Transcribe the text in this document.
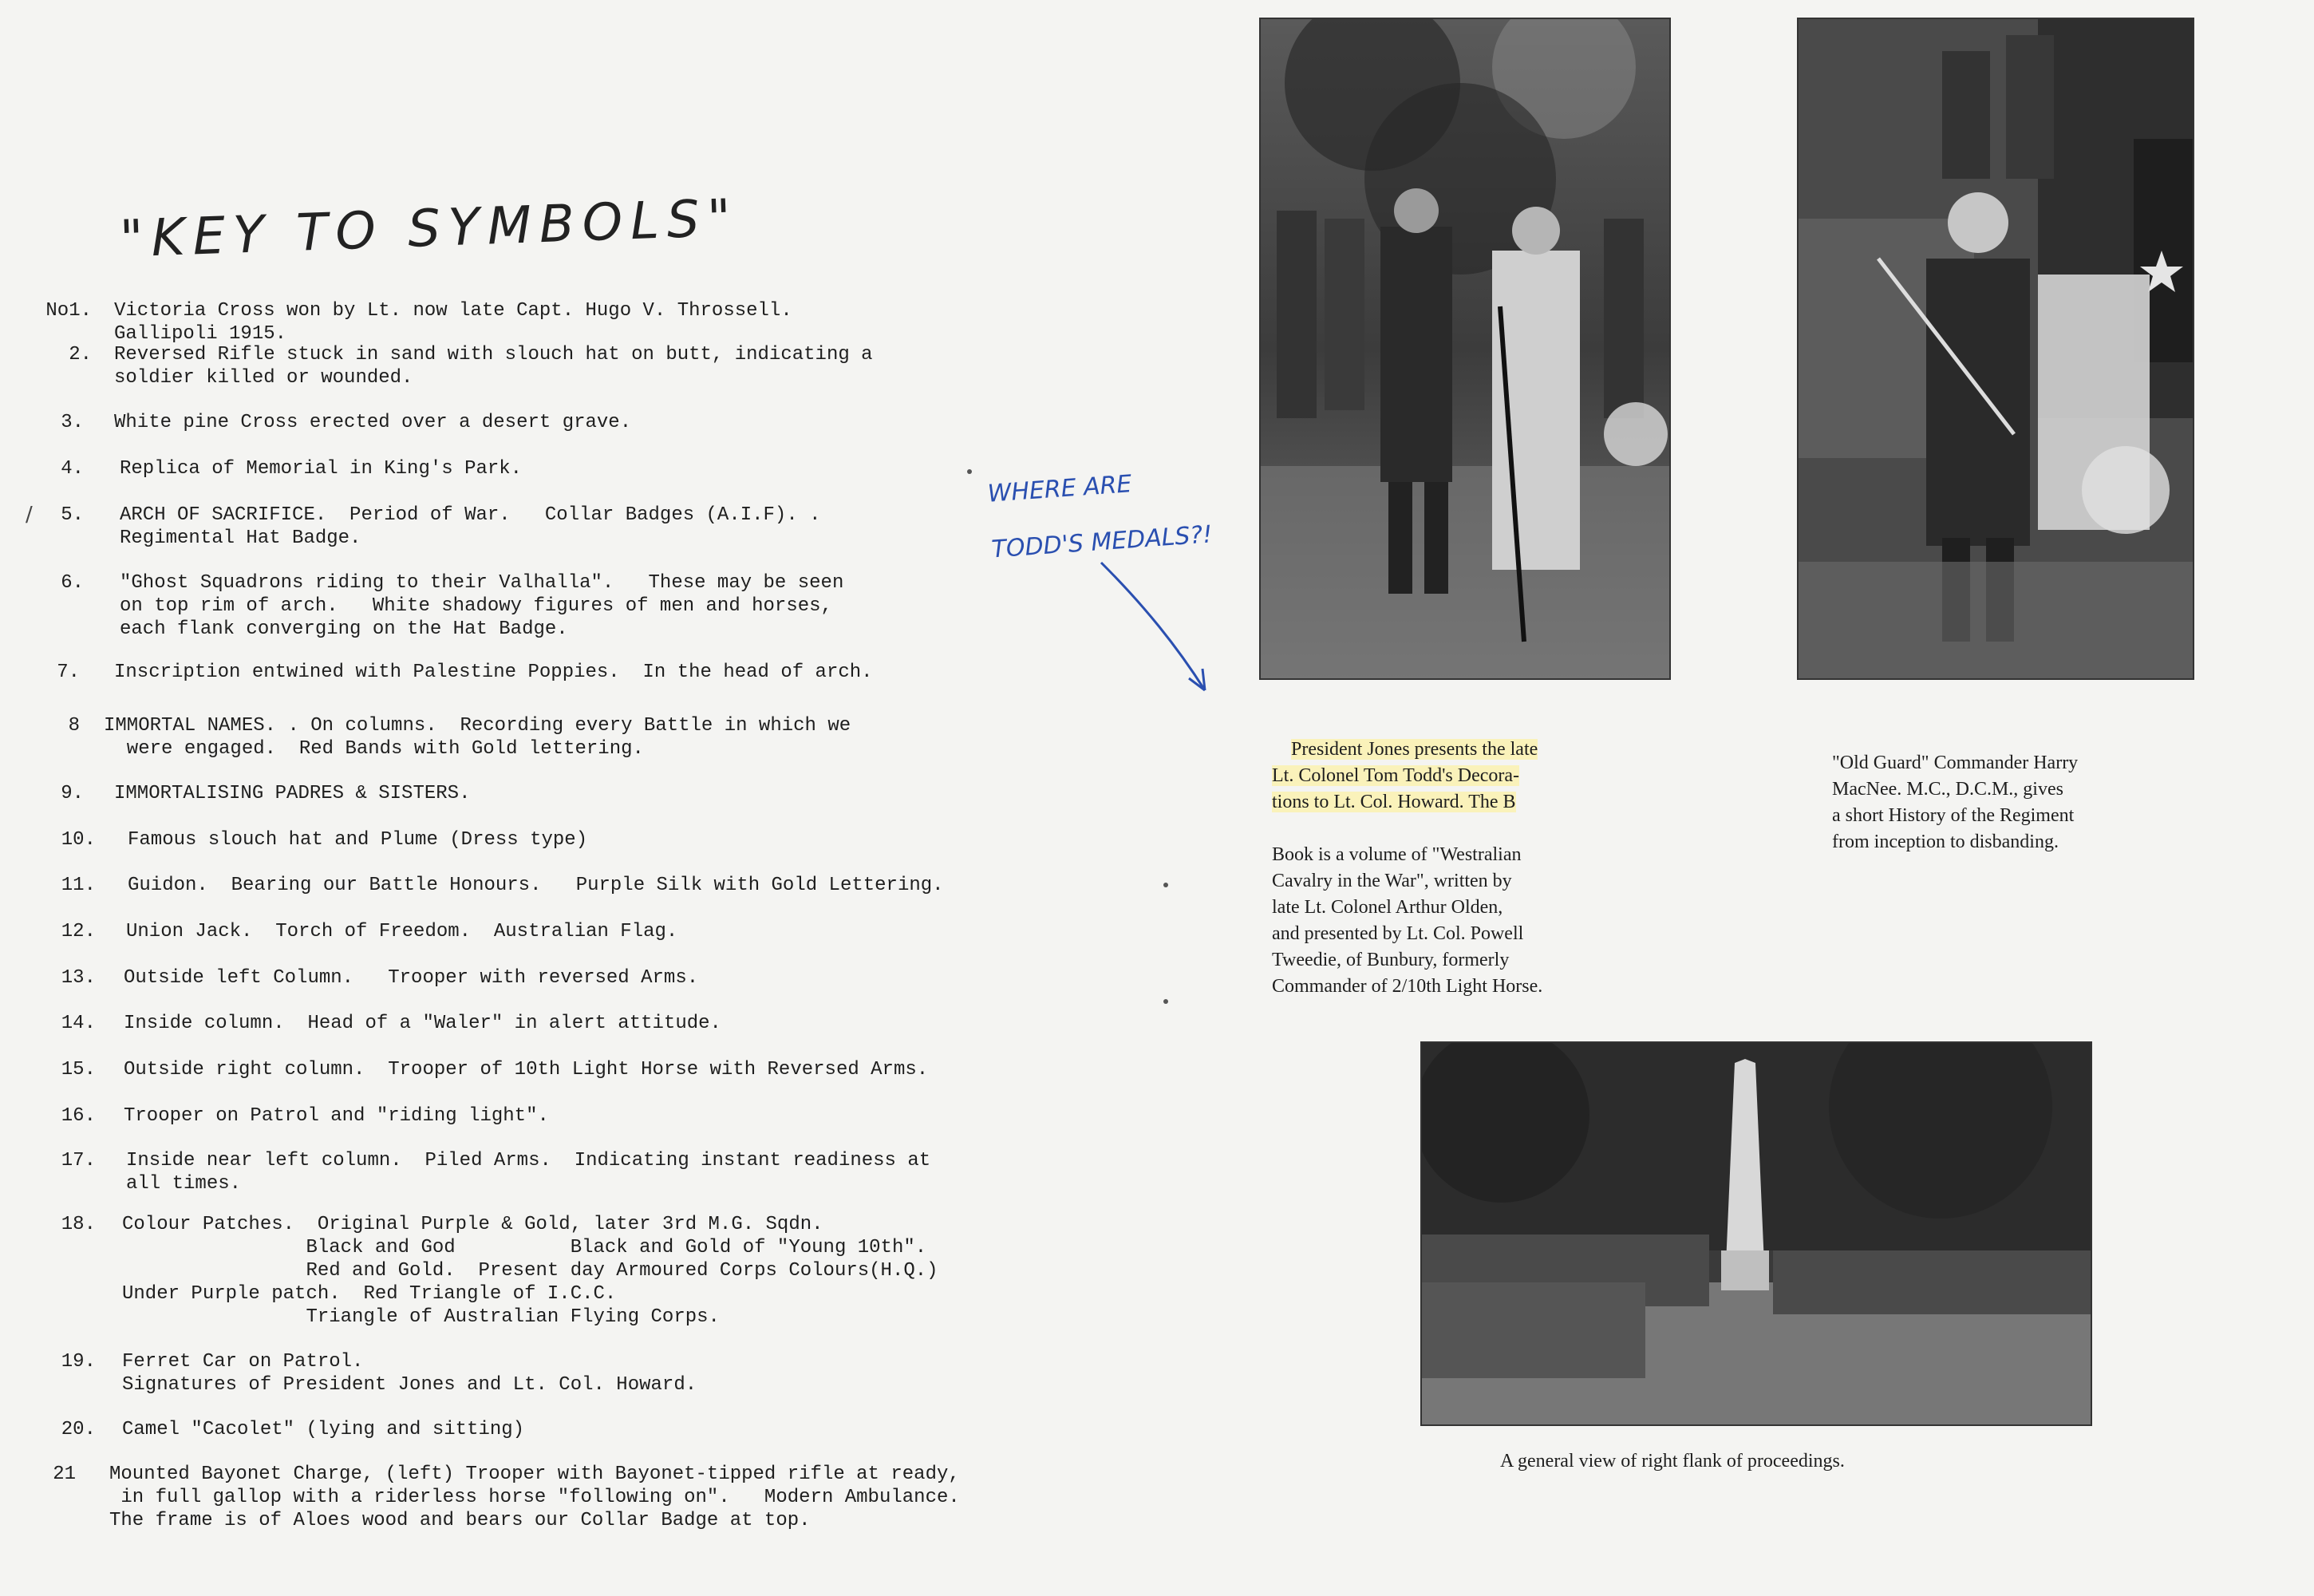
"KEY TO SYMBOLS"
/
No1. Victoria Cross won by Lt. now late Capt. Hugo V. Throssell.
Gallipoli 1915.
2. Reversed Rifle stuck in sand with slouch hat on butt, indicating a
soldier killed or wounded.
3. White pine Cross erected over a desert grave.
4. Replica of Memorial in King's Park.
5. ARCH OF SACRIFICE.  Period of War.   Collar Badges (A.I.F). .
Regimental Hat Badge.
6. "Ghost Squadrons riding to their Valhalla".   These may be seen
on top rim of arch.   White shadowy figures of men and horses,
each flank converging on the Hat Badge.
7. Inscription entwined with Palestine Poppies.  In the head of arch.
8 IMMORTAL NAMES. . On columns.  Recording every Battle in which we
were engaged.  Red Bands with Gold lettering.
9. IMMORTALISING PADRES & SISTERS.
10. Famous slouch hat and Plume (Dress type)
11. Guidon.  Bearing our Battle Honours.   Purple Silk with Gold Lettering.
12. Union Jack.  Torch of Freedom.  Australian Flag.
13. Outside left Column.   Trooper with reversed Arms.
14. Inside column.  Head of a "Waler" in alert attitude.
15. Outside right column.  Trooper of 10th Light Horse with Reversed Arms.
16. Trooper on Patrol and "riding light".
17. Inside near left column.  Piled Arms.  Indicating instant readiness at
all times.
18. Colour Patches.  Original Purple & Gold, later 3rd M.G. Sqdn.
Black and God          Black and Gold of "Young 10th".
Red and Gold.  Present day Armoured Corps Colours(H.Q.)
Under Purple patch.  Red Triangle of I.C.C.
Triangle of Australian Flying Corps.
19. Ferret Car on Patrol.
Signatures of President Jones and Lt. Col. Howard.
20. Camel "Cacolet" (lying and sitting)
21 Mounted Bayonet Charge, (left) Trooper with Bayonet-tipped rifle at ready,
in full gallop with a riderless horse "following on".   Modern Ambulance.
The frame is of Aloes wood and bears our Collar Badge at top.

President Jones presents the late
Lt. Colonel Tom Todd's Decora-
tions to Lt. Col. Howard. The B

Book is a volume of "Westralian
Cavalry in the War", written by
late Lt. Colonel Arthur Olden,
and presented by Lt. Col. Powell
Tweedie, of Bunbury, formerly
Commander of 2/10th Light Horse.

"Old Guard" Commander Harry
MacNee. M.C., D.C.M., gives
a short History of the Regiment
from inception to disbanding.
A general view of right flank of proceedings.
WHERE ARE
TODD'S MEDALS?!
